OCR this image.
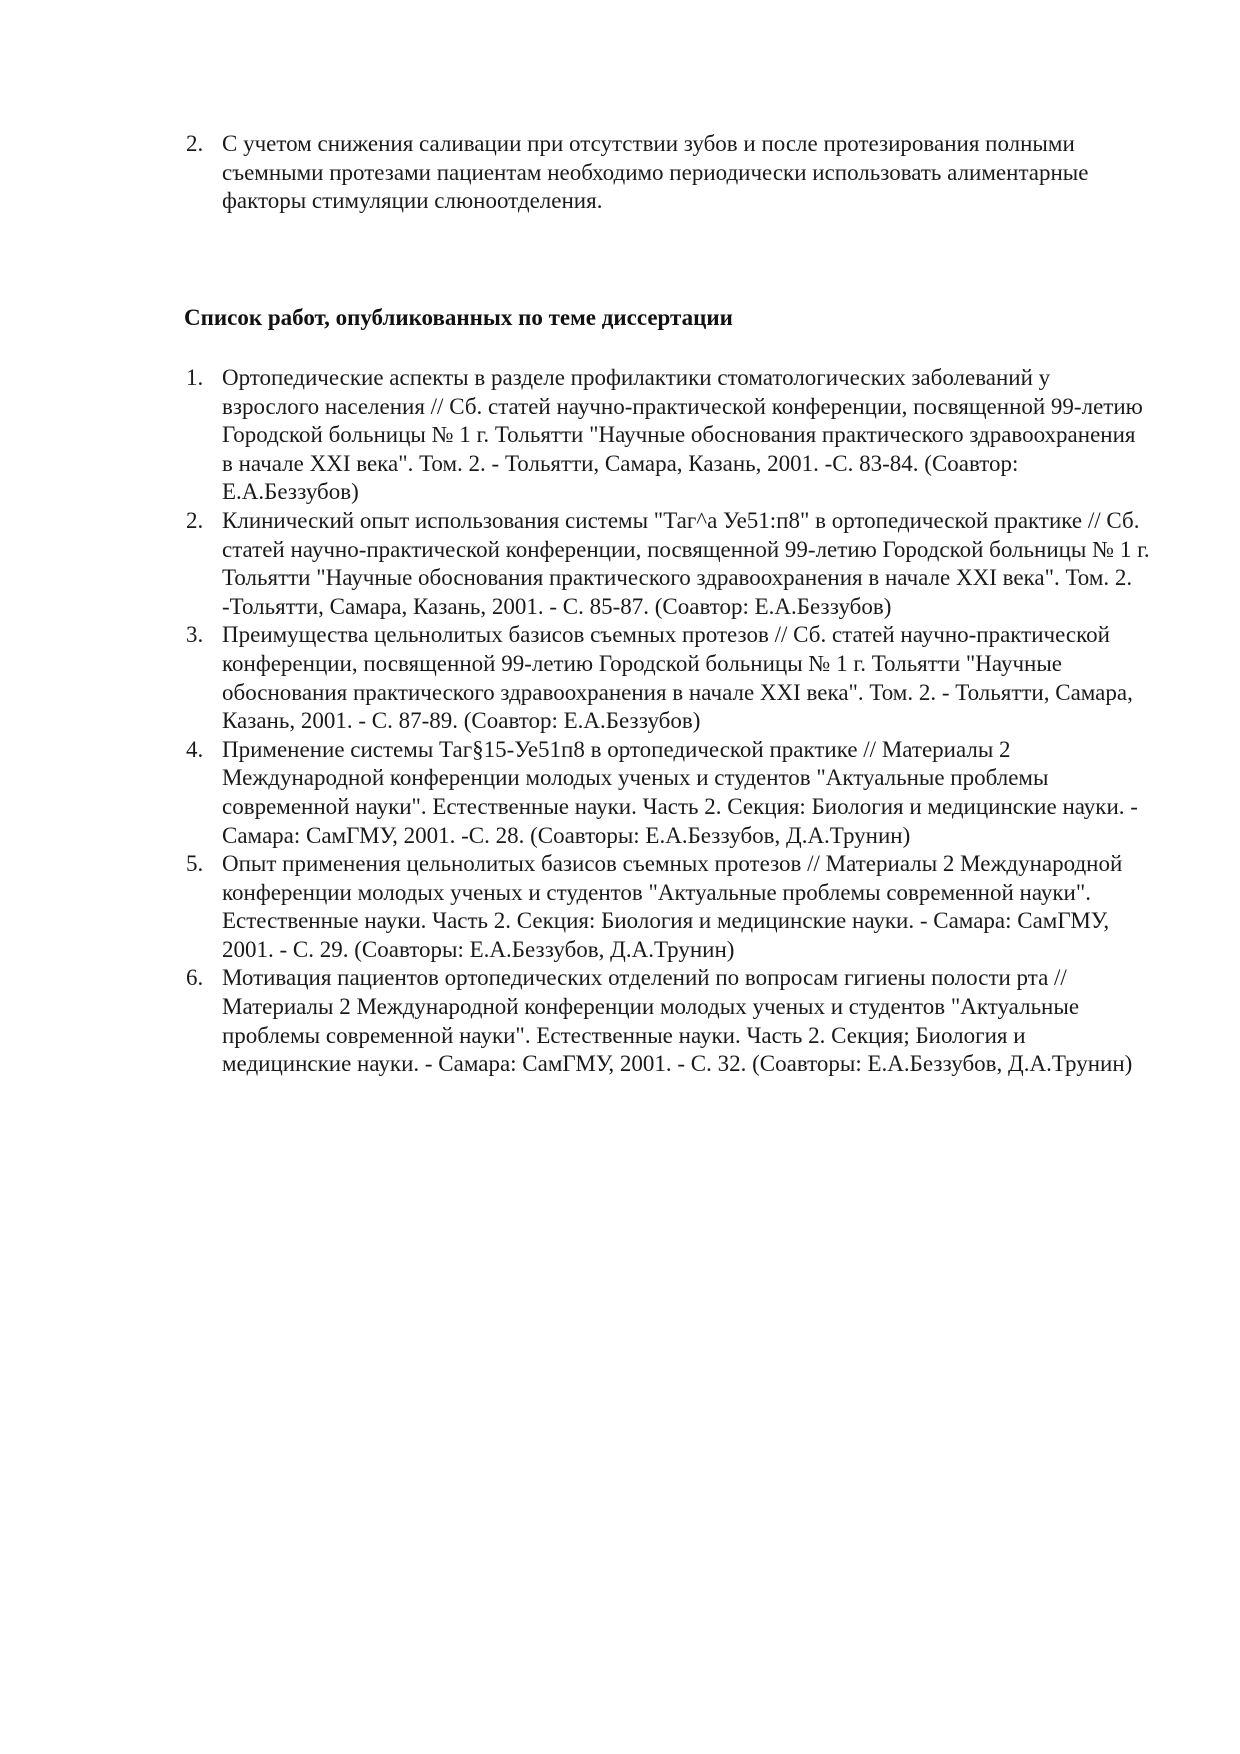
2. С учетом снижения саливации при отсутствии зубов и после протезирования полными съемными протезами пациентам необходимо периодически использовать алиментарные факторы стимуляции слюноотделения.
Список работ, опубликованных по теме диссертации
1. Ортопедические аспекты в разделе профилактики стоматологических заболеваний у взрослого населения // Сб. статей научно-практической конференции, посвященной 99-летию Городской больницы № 1 г. Тольятти "Научные обоснования практического здравоохранения в начале XXI века". Том. 2. - Тольятти, Самара, Казань, 2001. -С. 83-84. (Соавтор: Е.А.Беззубов)
2. Клинический опыт использования системы "Таг^а Уе51:п8" в ортопедической практике // Сб. статей научно-практической конференции, посвященной 99-летию Городской больницы № 1 г. Тольятти "Научные обоснования практического здравоохранения в начале XXI века". Том. 2. -Тольятти, Самара, Казань, 2001. - С. 85-87. (Соавтор: Е.А.Беззубов)
3. Преимущества цельнолитых базисов съемных протезов // Сб. статей научно-практической конференции, посвященной 99-летию Городской больницы № 1 г. Тольятти "Научные обоснования практического здравоохранения в начале XXI века". Том. 2. - Тольятти, Самара, Казань, 2001. - С. 87-89. (Соавтор: Е.А.Беззубов)
4. Применение системы Таг§15-Уе51п8 в ортопедической практике // Материалы 2 Международной конференции молодых ученых и студентов "Актуальные проблемы современной науки". Естественные науки. Часть 2. Секция: Биология и медицинские науки. - Самара: СамГМУ, 2001. -С. 28. (Соавторы: Е.А.Беззубов, Д.А.Трунин)
5. Опыт применения цельнолитых базисов съемных протезов // Материалы 2 Международной конференции молодых ученых и студентов "Актуальные проблемы современной науки". Естественные науки. Часть 2. Секция: Биология и медицинские науки. - Самара: СамГМУ, 2001. - С. 29. (Соавторы: Е.А.Беззубов, Д.А.Трунин)
6. Мотивация пациентов ортопедических отделений по вопросам гигиены полости рта // Материалы 2 Международной конференции молодых ученых и студентов "Актуальные проблемы современной науки". Естественные науки. Часть 2. Секция; Биология и медицинские науки. - Самара: СамГМУ, 2001. - С. 32. (Соавторы: Е.А.Беззубов, Д.А.Трунин)
